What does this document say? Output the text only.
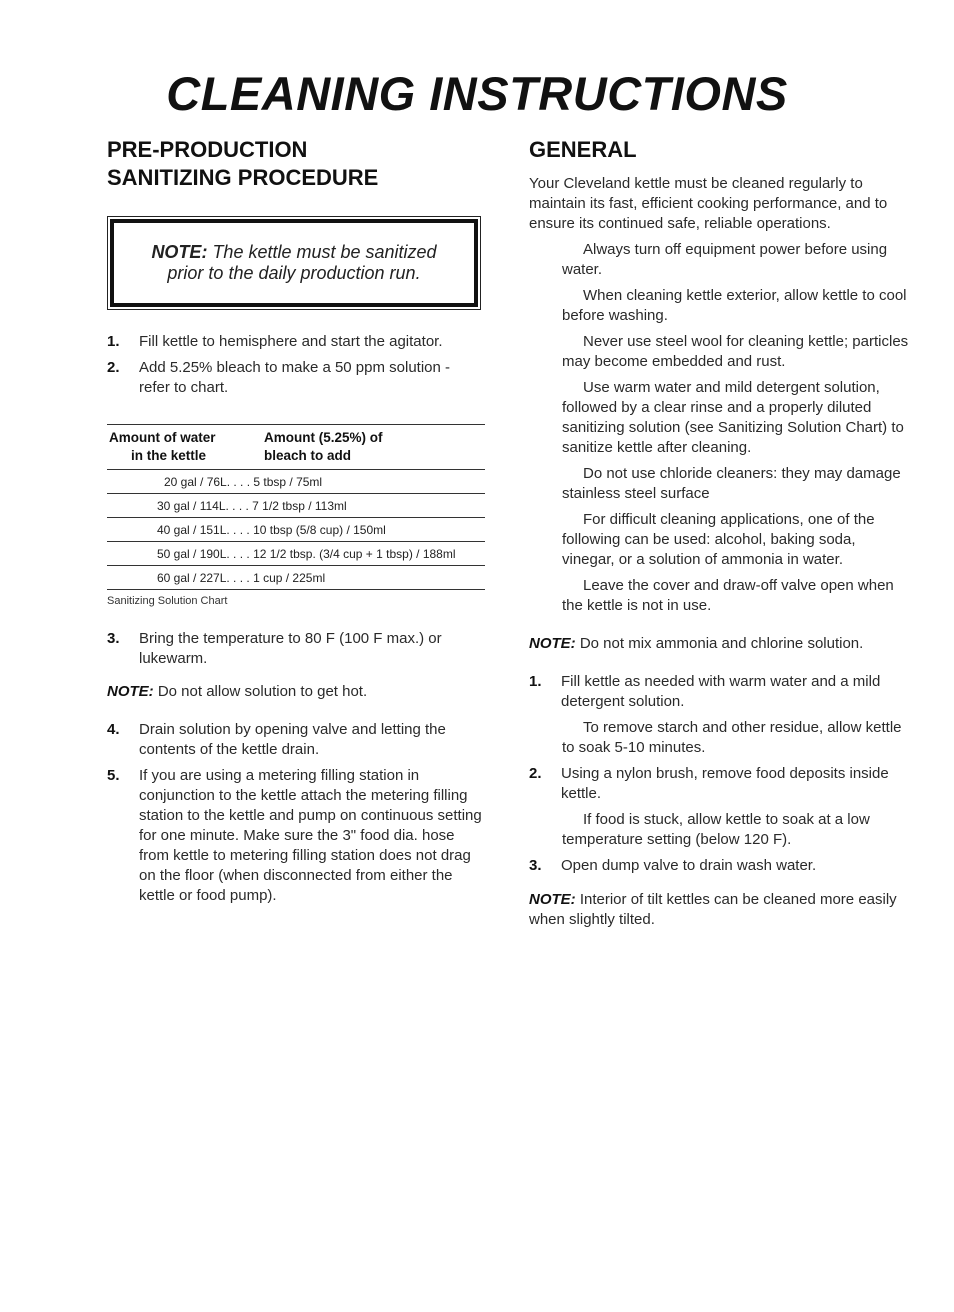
CLEANING INSTRUCTIONS
PRE-PRODUCTION
SANITIZING PROCEDURE
NOTE: The kettle must be sanitized
prior to the daily production run.
1. Fill kettle to hemisphere and start the agitator.
2. Add 5.25% bleach to make a 50 ppm solution - refer to chart.
Amount of water
in the kettle	Amount (5.25%) of
bleach to add
20 gal / 76L. . . . 5 tbsp / 75ml
30 gal / 114L. . . . 7 1/2 tbsp / 113ml
40 gal / 151L. . . . 10 tbsp (5/8 cup) / 150ml
50 gal / 190L. . . . 12 1/2 tbsp. (3/4 cup + 1 tbsp) / 188ml
60 gal / 227L. . . . 1 cup / 225ml
Sanitizing Solution Chart
3. Bring the temperature to 80 F (100 F max.) or lukewarm.

NOTE: Do not allow solution to get hot.

4. Drain solution by opening valve and letting the contents of the kettle drain.
5. If you are using a metering filling station in conjunction to the kettle attach the metering filling station to the kettle and pump on continuous setting for one minute. Make sure the 3" food dia. hose from kettle to metering filling station does not drag on the floor (when disconnected from either the kettle or food pump).
GENERAL

Your Cleveland kettle must be cleaned regularly to maintain its fast, efficient cooking performance, and to ensure its continued safe, reliable operations.

Always turn off equipment power before using water.

When cleaning kettle exterior, allow kettle to cool before washing.

Never use steel wool for cleaning kettle; particles may become embedded and rust.

Use warm water and mild detergent solution, followed by a clear rinse and a properly diluted sanitizing solution (see Sanitizing Solution Chart) to sanitize kettle after cleaning.

Do not use chloride cleaners: they may damage stainless steel surface

For difficult cleaning applications, one of the following can be used: alcohol, baking soda, vinegar, or a solution of ammonia in water.

Leave the cover and draw-off valve open when the kettle is not in use.

NOTE: Do not mix ammonia and chlorine solution.

1. Fill kettle as needed with warm water and a mild detergent solution.

To remove starch and other residue, allow kettle to soak 5-10 minutes.

2. Using a nylon brush, remove food deposits inside kettle.

If food is stuck, allow kettle to soak at a low temperature setting (below 120 F).

3. Open dump valve to drain wash water.

NOTE: Interior of tilt kettles can be cleaned more easily when slightly tilted.
